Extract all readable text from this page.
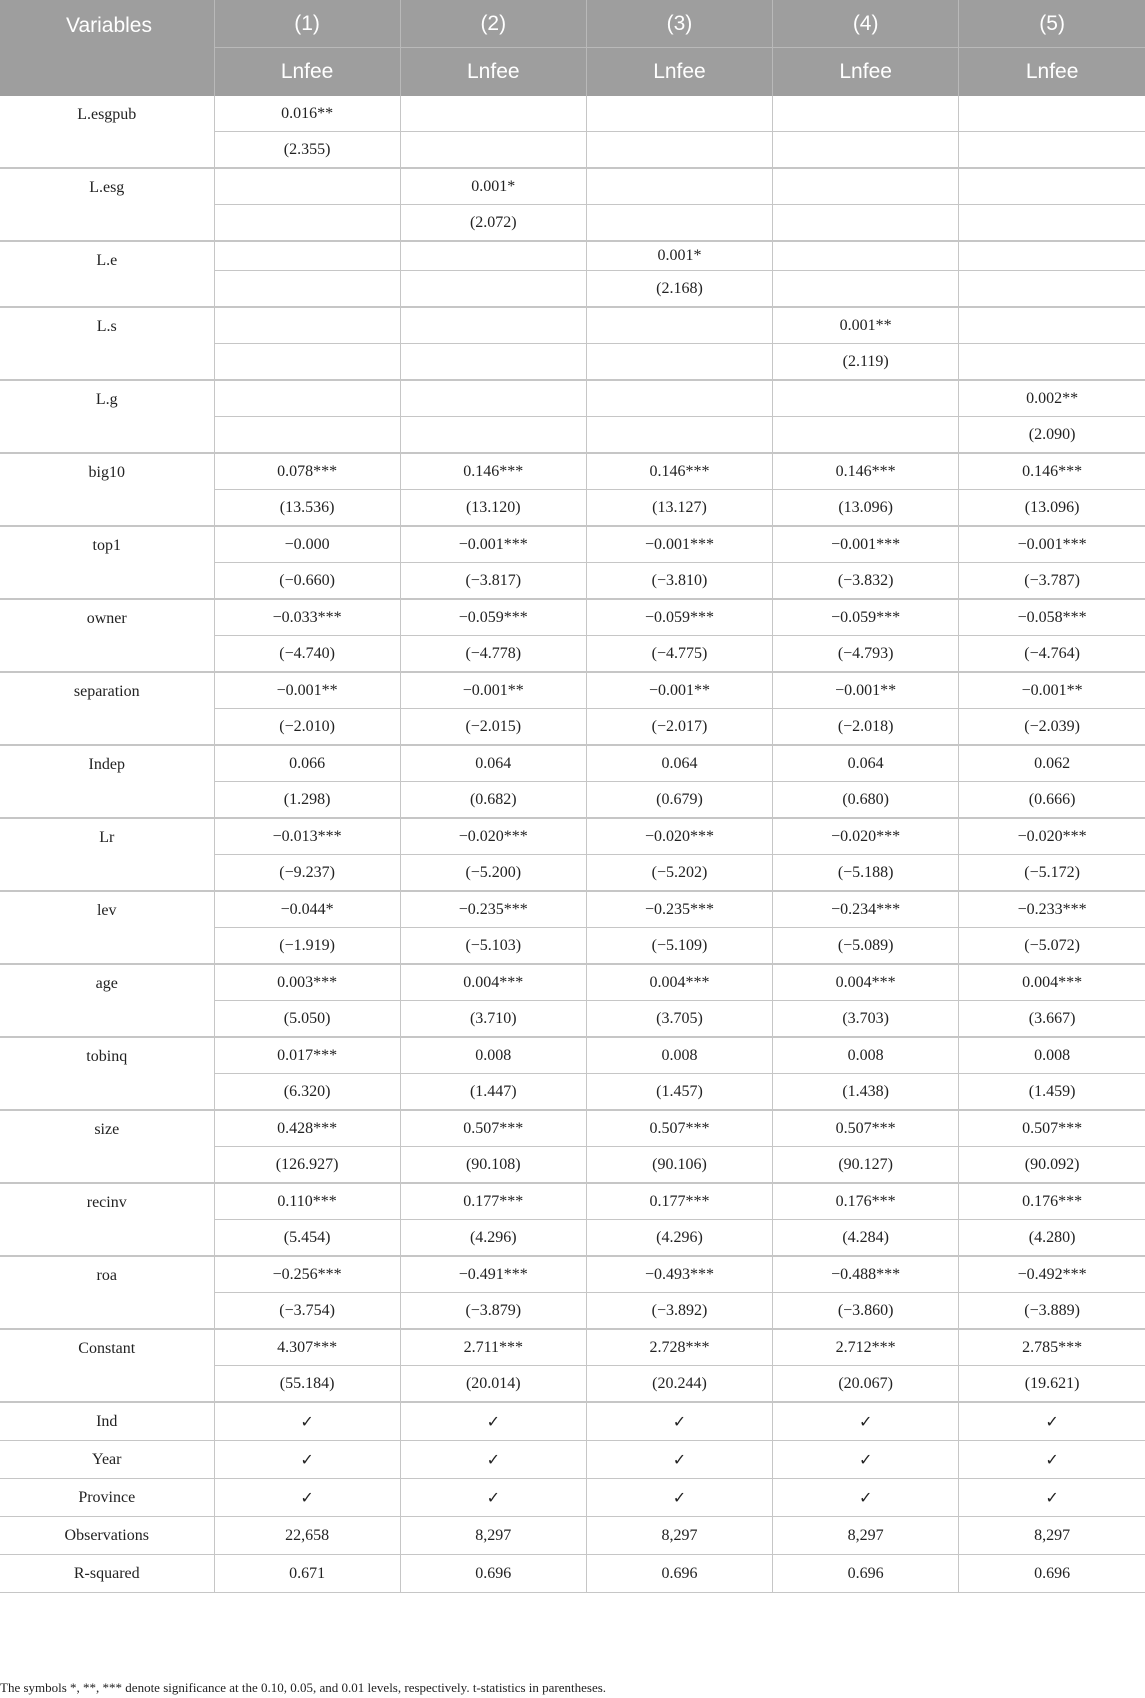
Variables	(1)	(2)	(3)	(4)	(5)
	Lnfee	Lnfee	Lnfee	Lnfee	Lnfee
L.esgpub	0.016**				
	(2.355)				
L.esg		0.001*			
		(2.072)			
L.e			0.001*		
			(2.168)		
L.s				0.001**	
				(2.119)	
L.g					0.002**
					(2.090)
big10	0.078***	0.146***	0.146***	0.146***	0.146***
	(13.536)	(13.120)	(13.127)	(13.096)	(13.096)
top1	−0.000	−0.001***	−0.001***	−0.001***	−0.001***
	(−0.660)	(−3.817)	(−3.810)	(−3.832)	(−3.787)
owner	−0.033***	−0.059***	−0.059***	−0.059***	−0.058***
	(−4.740)	(−4.778)	(−4.775)	(−4.793)	(−4.764)
separation	−0.001**	−0.001**	−0.001**	−0.001**	−0.001**
	(−2.010)	(−2.015)	(−2.017)	(−2.018)	(−2.039)
Indep	0.066	0.064	0.064	0.064	0.062
	(1.298)	(0.682)	(0.679)	(0.680)	(0.666)
Lr	−0.013***	−0.020***	−0.020***	−0.020***	−0.020***
	(−9.237)	(−5.200)	(−5.202)	(−5.188)	(−5.172)
lev	−0.044*	−0.235***	−0.235***	−0.234***	−0.233***
	(−1.919)	(−5.103)	(−5.109)	(−5.089)	(−5.072)
age	0.003***	0.004***	0.004***	0.004***	0.004***
	(5.050)	(3.710)	(3.705)	(3.703)	(3.667)
tobinq	0.017***	0.008	0.008	0.008	0.008
	(6.320)	(1.447)	(1.457)	(1.438)	(1.459)
size	0.428***	0.507***	0.507***	0.507***	0.507***
	(126.927)	(90.108)	(90.106)	(90.127)	(90.092)
recinv	0.110***	0.177***	0.177***	0.176***	0.176***
	(5.454)	(4.296)	(4.296)	(4.284)	(4.280)
roa	−0.256***	−0.491***	−0.493***	−0.488***	−0.492***
	(−3.754)	(−3.879)	(−3.892)	(−3.860)	(−3.889)
Constant	4.307***	2.711***	2.728***	2.712***	2.785***
	(55.184)	(20.014)	(20.244)	(20.067)	(19.621)
Ind	✓	✓	✓	✓	✓
Year	✓	✓	✓	✓	✓
Province	✓	✓	✓	✓	✓
Observations	22,658	8,297	8,297	8,297	8,297
R-squared	0.671	0.696	0.696	0.696	0.696
The symbols *, **, *** denote significance at the 0.10, 0.05, and 0.01 levels, respectively. t-statistics in parentheses.
